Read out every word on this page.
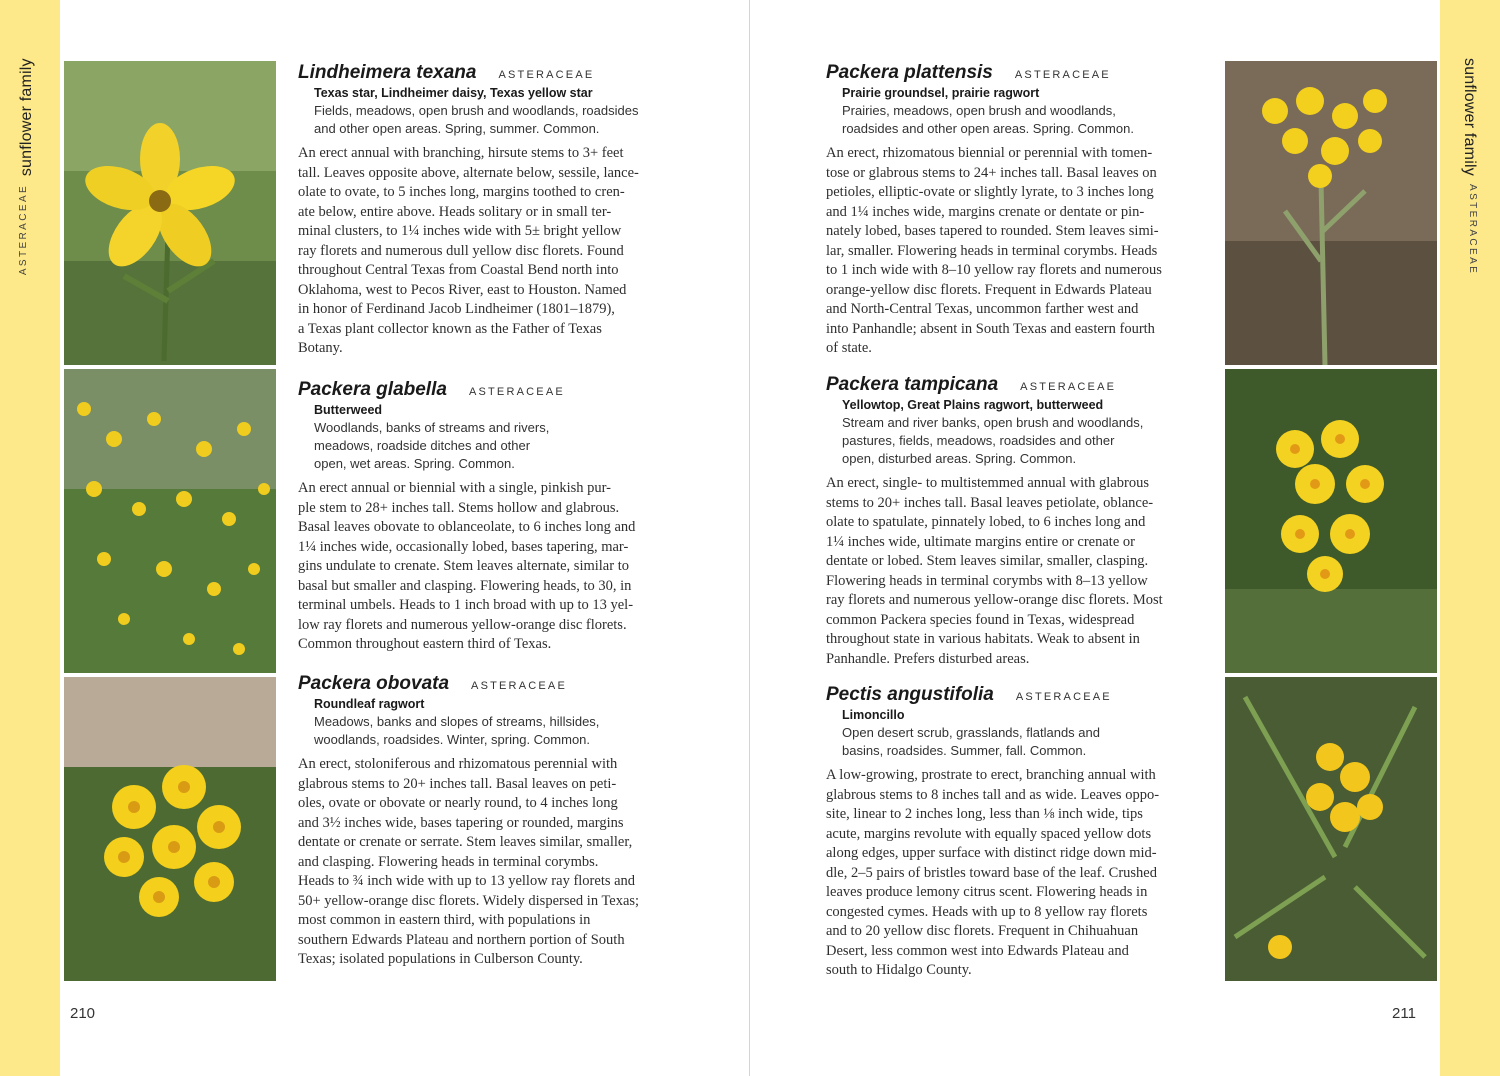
sunflower family
ASTERACEAE
sunflower family
ASTERACEAE
Lindheimera texana ASTERACEAE
Texas star, Lindheimer daisy, Texas yellow star
Fields, meadows, open brush and woodlands, roadsides
and other open areas. Spring, summer. Common.
An erect annual with branching, hirsute stems to 3+ feet
tall. Leaves opposite above, alternate below, sessile, lance-
olate to ovate, to 5 inches long, margins toothed to cren-
ate below, entire above. Heads solitary or in small ter-
minal clusters, to 1¼ inches wide with 5± bright yellow
ray florets and numerous dull yellow disc florets. Found
throughout Central Texas from Coastal Bend north into
Oklahoma, west to Pecos River, east to Houston. Named
in honor of Ferdinand Jacob Lindheimer (1801–1879),
a Texas plant collector known as the Father of Texas
Botany.
Packera glabella ASTERACEAE
Butterweed
Woodlands, banks of streams and rivers,
meadows, roadside ditches and other
open, wet areas. Spring. Common.
An erect annual or biennial with a single, pinkish pur-
ple stem to 28+ inches tall. Stems hollow and glabrous.
Basal leaves obovate to oblanceolate, to 6 inches long and
1¼ inches wide, occasionally lobed, bases tapering, mar-
gins undulate to crenate. Stem leaves alternate, similar to
basal but smaller and clasping. Flowering heads, to 30, in
terminal umbels. Heads to 1 inch broad with up to 13 yel-
low ray florets and numerous yellow-orange disc florets.
Common throughout eastern third of Texas.
Packera obovata ASTERACEAE
Roundleaf ragwort
Meadows, banks and slopes of streams, hillsides,
woodlands, roadsides. Winter, spring. Common.
An erect, stoloniferous and rhizomatous perennial with
glabrous stems to 20+ inches tall. Basal leaves on peti-
oles, ovate or obovate or nearly round, to 4 inches long
and 3½ inches wide, bases tapering or rounded, margins
dentate or crenate or serrate. Stem leaves similar, smaller,
and clasping. Flowering heads in terminal corymbs.
Heads to ¾ inch wide with up to 13 yellow ray florets and
50+ yellow-orange disc florets. Widely dispersed in Texas;
most common in eastern third, with populations in
southern Edwards Plateau and northern portion of South
Texas; isolated populations in Culberson County.
Packera plattensis ASTERACEAE
Prairie groundsel, prairie ragwort
Prairies, meadows, open brush and woodlands,
roadsides and other open areas. Spring. Common.
An erect, rhizomatous biennial or perennial with tomen-
tose or glabrous stems to 24+ inches tall. Basal leaves on
petioles, elliptic-ovate or slightly lyrate, to 3 inches long
and 1¼ inches wide, margins crenate or dentate or pin-
nately lobed, bases tapered to rounded. Stem leaves simi-
lar, smaller. Flowering heads in terminal corymbs. Heads
to 1 inch wide with 8–10 yellow ray florets and numerous
orange-yellow disc florets. Frequent in Edwards Plateau
and North-Central Texas, uncommon farther west and
into Panhandle; absent in South Texas and eastern fourth
of state.
Packera tampicana ASTERACEAE
Yellowtop, Great Plains ragwort, butterweed
Stream and river banks, open brush and woodlands,
pastures, fields, meadows, roadsides and other
open, disturbed areas. Spring. Common.
An erect, single- to multistemmed annual with glabrous
stems to 20+ inches tall. Basal leaves petiolate, oblance-
olate to spatulate, pinnately lobed, to 6 inches long and
1¼ inches wide, ultimate margins entire or crenate or
dentate or lobed. Stem leaves similar, smaller, clasping.
Flowering heads in terminal corymbs with 8–13 yellow
ray florets and numerous yellow-orange disc florets. Most
common Packera species found in Texas, widespread
throughout state in various habitats. Weak to absent in
Panhandle. Prefers disturbed areas.
Pectis angustifolia ASTERACEAE
Limoncillo
Open desert scrub, grasslands, flatlands and
basins, roadsides. Summer, fall. Common.
A low-growing, prostrate to erect, branching annual with
glabrous stems to 8 inches tall and as wide. Leaves oppo-
site, linear to 2 inches long, less than ⅛ inch wide, tips
acute, margins revolute with equally spaced yellow dots
along edges, upper surface with distinct ridge down mid-
dle, 2–5 pairs of bristles toward base of the leaf. Crushed
leaves produce lemony citrus scent. Flowering heads in
congested cymes. Heads with up to 8 yellow ray florets
and to 20 yellow disc florets. Frequent in Chihuahuan
Desert, less common west into Edwards Plateau and
south to Hidalgo County.
210	211
